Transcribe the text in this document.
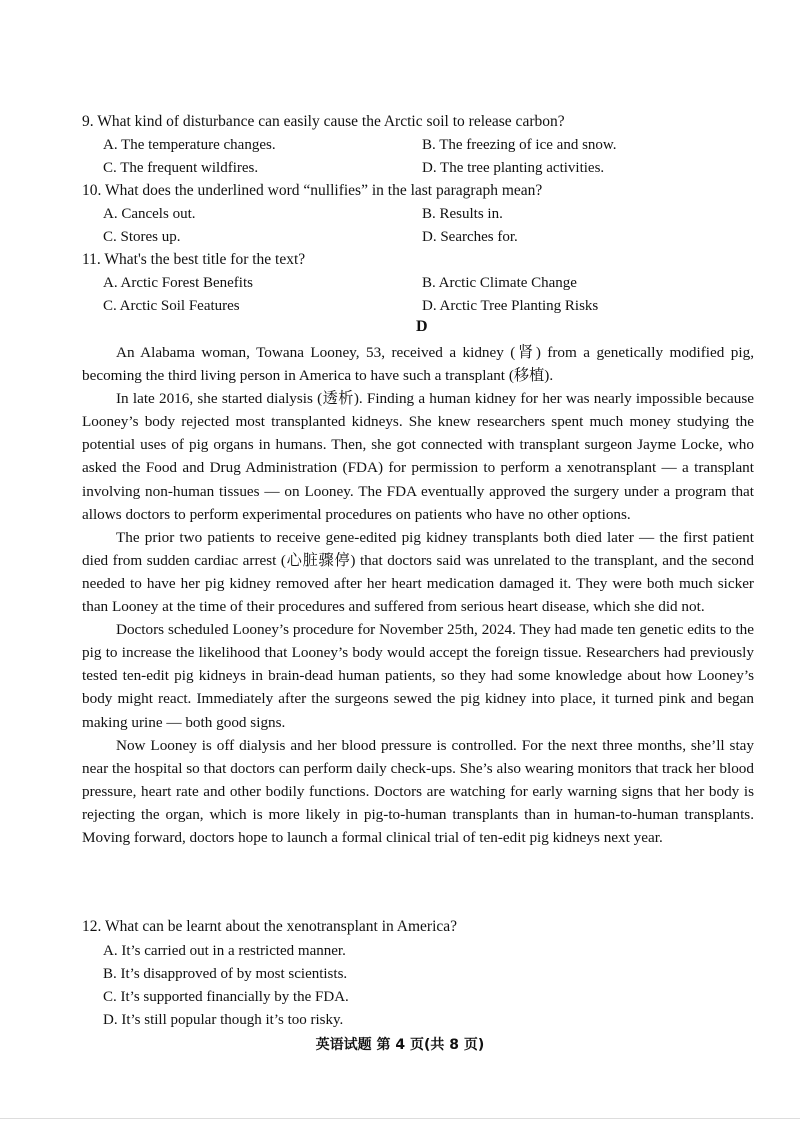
9. What kind of disturbance can easily cause the Arctic soil to release carbon?
A. The temperature changes.	B. The freezing of ice and snow.
C. The frequent wildfires.	D. The tree planting activities.
10. What does the underlined word “nullifies” in the last paragraph mean?
A. Cancels out.	B. Results in.
C. Stores up.	D. Searches for.
11. What's the best title for the text?
A. Arctic Forest Benefits	B. Arctic Climate Change
C. Arctic Soil Features	D. Arctic Tree Planting Risks
D

An Alabama woman, Towana Looney, 53, received a kidney (肾) from a genetically modified pig, becoming the third living person in America to have such a transplant (移植).

In late 2016, she started dialysis (透析). Finding a human kidney for her was nearly impossible because Looney’s body rejected most transplanted kidneys. She knew researchers spent much money studying the potential uses of pig organs in humans. Then, she got connected with transplant surgeon Jayme Locke, who asked the Food and Drug Administration (FDA) for permission to perform a xenotransplant — a transplant involving non-human tissues — on Looney. The FDA eventually approved the surgery under a program that allows doctors to perform experimental procedures on patients who have no other options.

The prior two patients to receive gene-edited pig kidney transplants both died later — the first patient died from sudden cardiac arrest (心脏骤停) that doctors said was unrelated to the transplant, and the second needed to have her pig kidney removed after her heart medication damaged it. They were both much sicker than Looney at the time of their procedures and suffered from serious heart disease, which she did not.

Doctors scheduled Looney’s procedure for November 25th, 2024. They had made ten genetic edits to the pig to increase the likelihood that Looney’s body would accept the foreign tissue. Researchers had previously tested ten-edit pig kidneys in brain-dead human patients, so they had some knowledge about how Looney’s body might react. Immediately after the surgeons sewed the pig kidney into place, it turned pink and began making urine — both good signs.

Now Looney is off dialysis and her blood pressure is controlled. For the next three months, she’ll stay near the hospital so that doctors can perform daily check-ups. She’s also wearing monitors that track her blood pressure, heart rate and other bodily functions. Doctors are watching for early warning signs that her body is rejecting the organ, which is more likely in pig-to-human transplants than in human-to-human transplants. Moving forward, doctors hope to launch a formal clinical trial of ten-edit pig kidneys next year.

12. What can be learnt about the xenotransplant in America?
A. It’s carried out in a restricted manner.
B. It’s disapproved of by most scientists.
C. It’s supported financially by the FDA.
D. It’s still popular though it’s too risky.
英语试题 第 4 页(共 8 页)
